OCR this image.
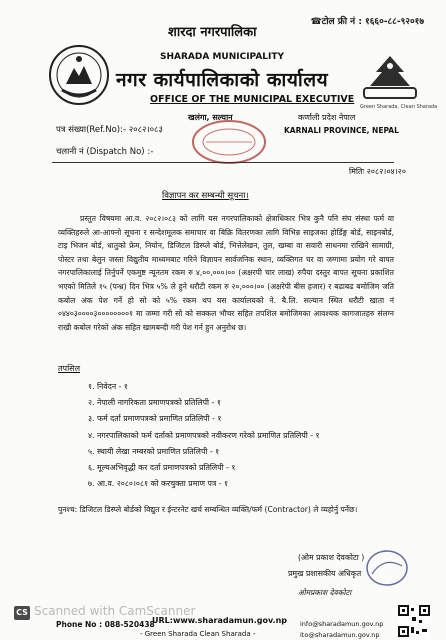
शारदा नगरपालिका
SHARADA MUNICIPALITY
नगर कार्यपालिकाको कार्यालय
OFFICE OF THE MUNICIPAL EXECUTIVE
☎टोल फ्री नं : १६६०-८८-९२०१७
Green Sharada, Clean Sharada
पत्र संख्या(Ref.No):- २०८२।०८३
चलानी नं (Dispatch No) :-
कर्णाली प्रदेश नेपाल
KARNALI PROVINCE, NEPAL
खलंगा, सल्यान
मितिः २०८२।०४।२०
विज्ञापन कर सम्बन्धी सूचना।

प्रस्तुत विषयमा आ.व. २०८२।०८३ को लागि यस नगरपालिकाको क्षेत्राधिकार भित्र कुनै पनि संघ संस्था फर्म वा व्यक्तिहरुले आ-आफ्नो सूचना र सन्देशमूलक समाचार वा बिक्रि वितरणका लागि विभिन्न साइजका होर्डिङ्ग बोर्ड, साइनबोर्ड, टाइ भिजन बोर्ड, धातुको फ्रेम, नियोन, डिजिटल डिस्प्ले बोर्ड, भित्तेलेखन, तुल, खम्बा वा सवारी साधनमा राखिने सामाग्री, पोस्टर तथा बेलुन जस्ता विद्युतीय माध्यमबाट गरिने विज्ञापन सार्वजनिक स्थान, व्यक्तिगत घर वा जग्गामा प्रयोग गरे बापत नगरपालिकालाई तिर्नुपर्ने एकमुष्ट न्यूनतम रकम रु ४,००,०००।०० (अक्षरपी चार लाख) रुपैया दस्तुर बापत सूचना प्रकाशित भएको मितिले १५ (पन्ध्र) दिन भित्र ५% ले हुने धरौटी रकम रु २०,०००।०० (अक्षरेपी बीस हजार) र बढाबढ बमोजिम जति कबोल अंक पेश गर्ने हो सो को ५% रकम थप यस कार्यालयको ने. बै.लि. सल्यान स्थित धरौटी खाता नं ०४४०३००००३००००००००१ मा जम्मा गरी सो को सक्कल भौचर सहित तपशिल बमोजिमका आवश्यक कागजातहरु संलग्न राखी कबोल गरेको अंक सहित खामबन्दी गरी पेश गर्न हुन अनुरोध छ।

तपसिल
१. निवेदन - १
२. नेपाली नागरिकता प्रमाणपत्रको प्रतिलिपी - १
३. फर्म दर्ता प्रमाणपत्रको प्रमाणित प्रतिलिपी - १
४. नगरपालिकाको फर्म दर्ताको प्रमाणपत्रको नवीकरण गरेको प्रमाणित प्रतिलिपी - १
५. स्थायी लेखा नम्बरको प्रमाणित प्रतिलिपी - १
६. मूल्यअभिवृद्धी कर दर्ता प्रमाणपत्रको प्रतिलिपी - १
७. आ.व. २०८०।०८१ को करचुक्ता प्रमाण पत्र - १
पुनश्च: डिजिटल डिस्प्ले बोर्डको विद्युत र ईन्टरनेट खर्च सम्बन्धित व्यक्ति/फर्म (Contractor) ले व्यहोर्नु पर्नेछ।
(ओम प्रकाश देवकोटा )
प्रमुख प्रशासकीय अधिकृत
ओमप्रकाश देवकोटा
CS Scanned with CamScanner
Phone No : 088-520438
URL:www.sharadamun.gov.np
- Green Sharada Clean Sharada -
info@sharadamun.gov.np
ito@sharadamun.gov.np
